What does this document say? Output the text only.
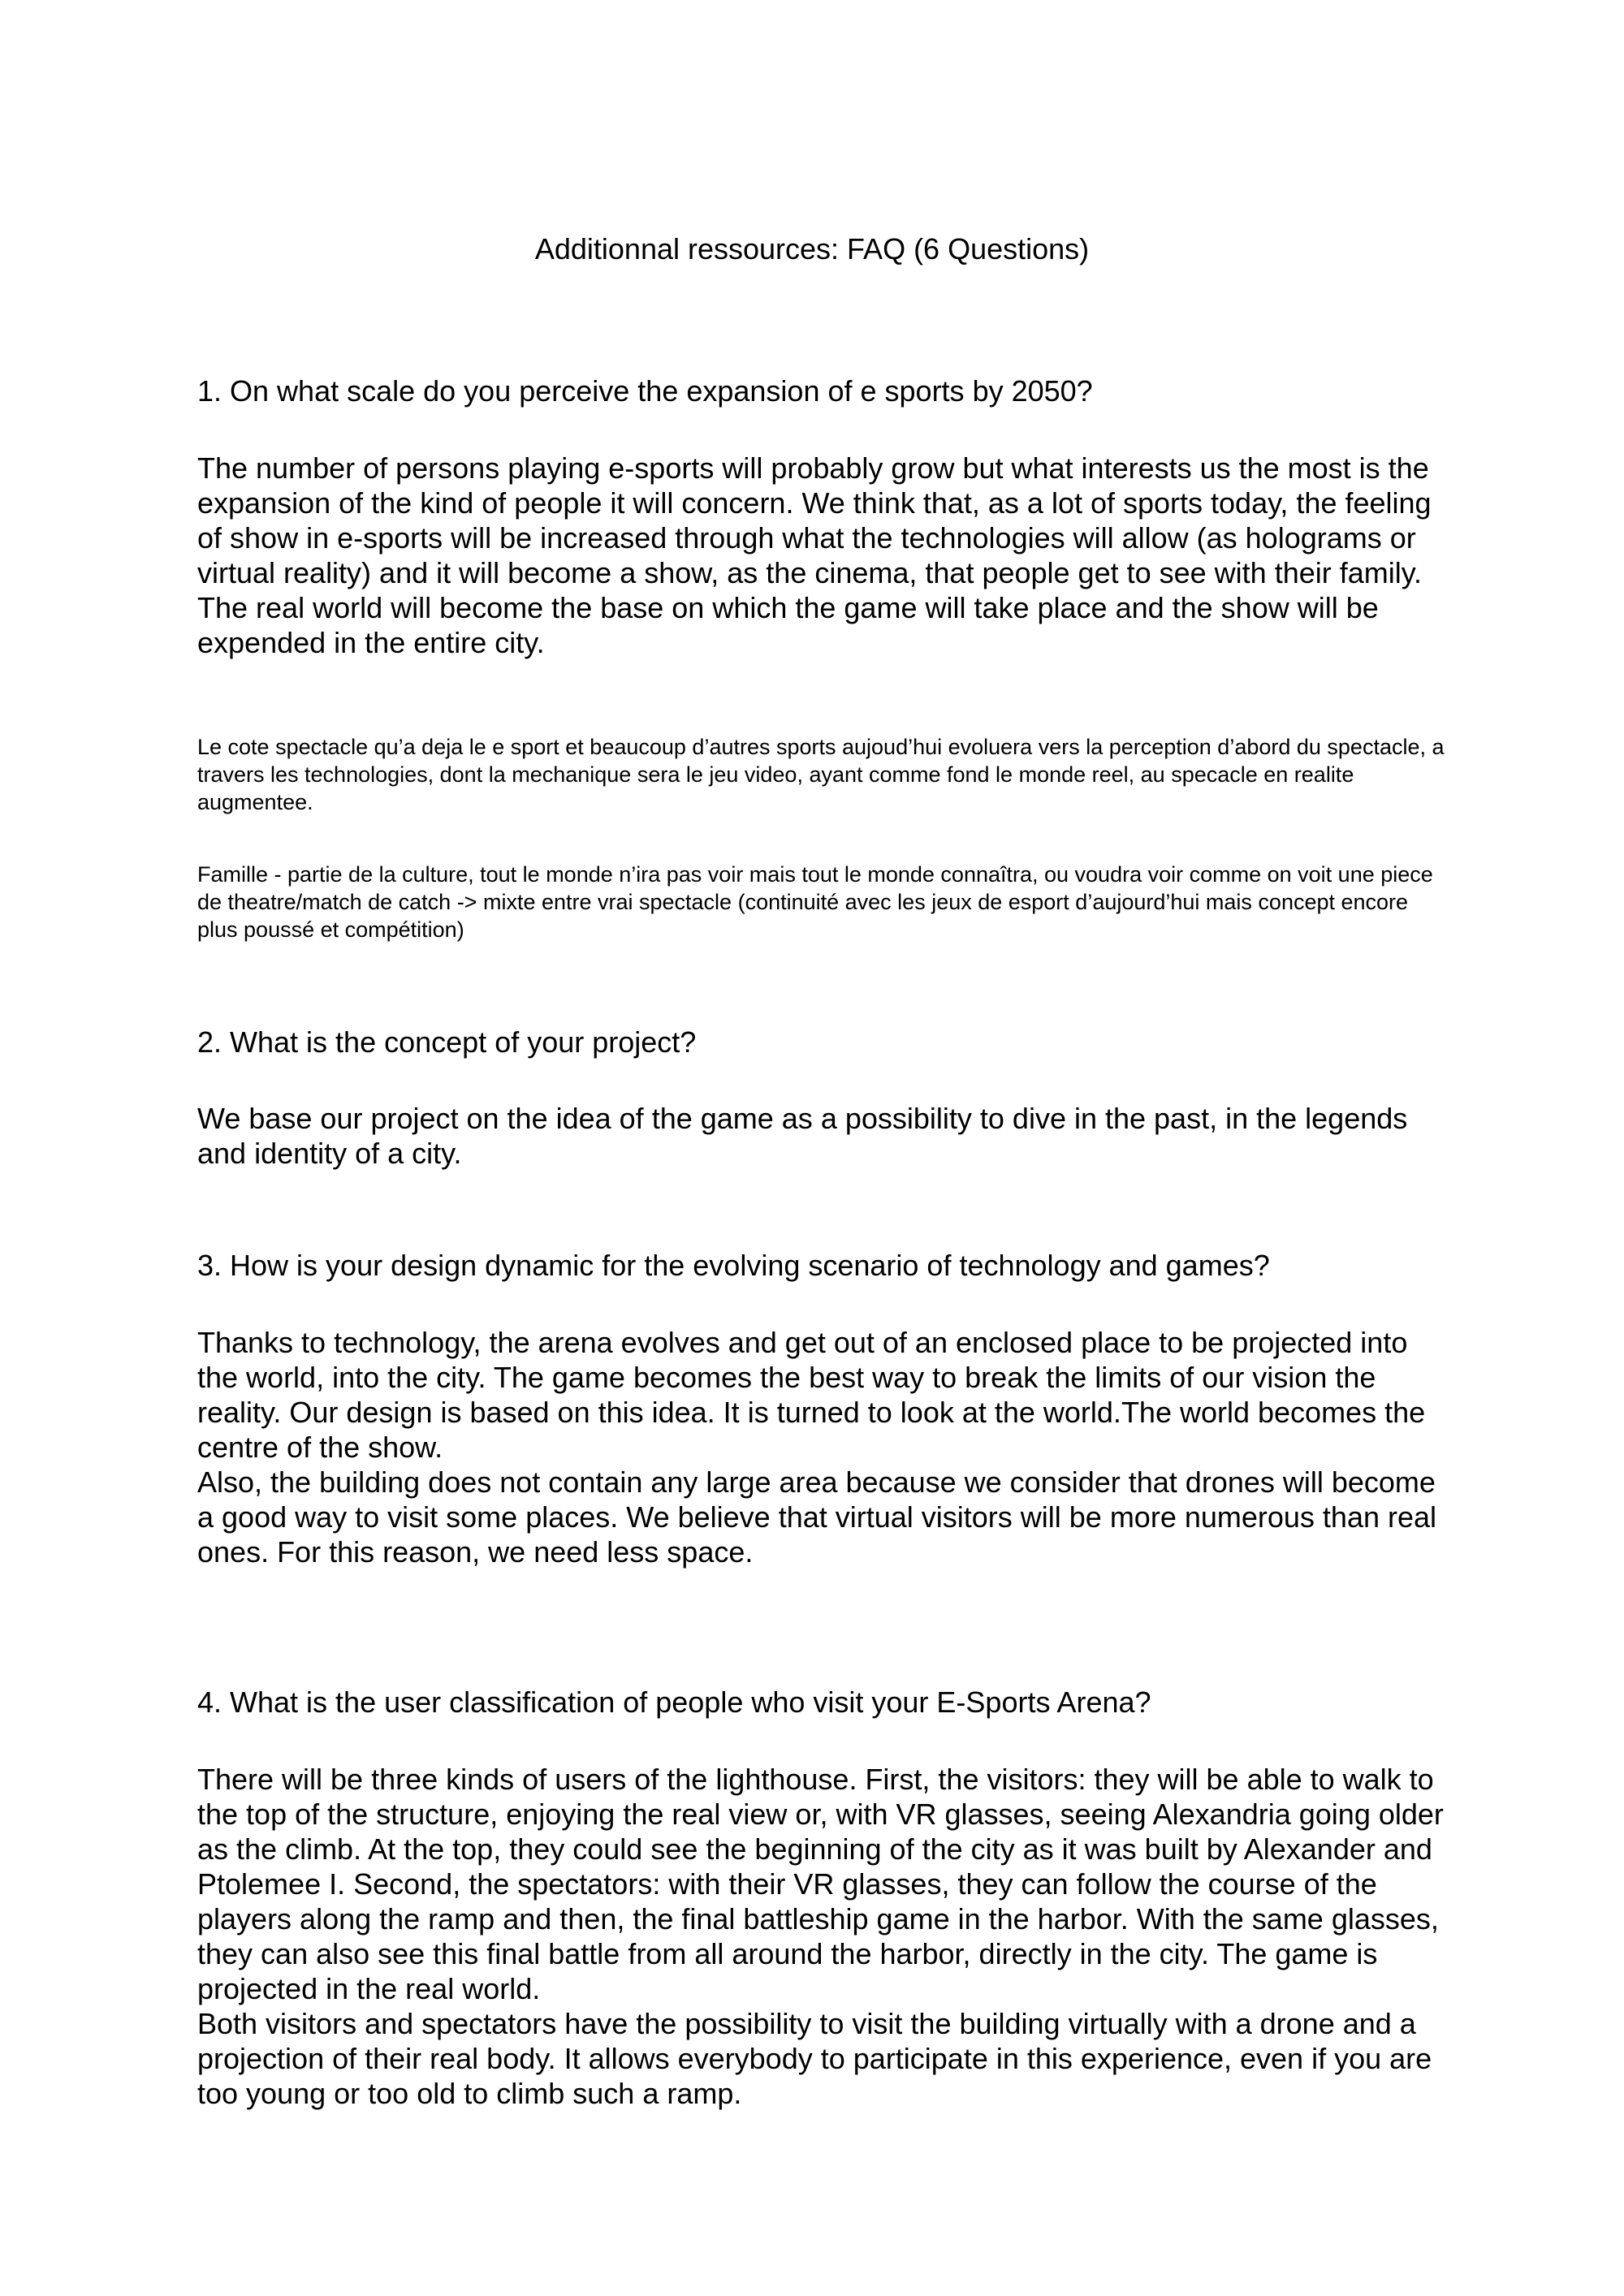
Additionnal ressources: FAQ (6 Questions)

1. On what scale do you perceive the expansion of e sports by 2050?

The number of persons playing e-sports will probably grow but what interests us the most is the expansion of the kind of people it will concern. We think that, as a lot of sports today, the feeling of show in e-sports will be increased through what the technologies will allow (as holograms or virtual reality) and it will become a show, as the cinema, that people get to see with their family. The real world will become the base on which the game will take place and the show will be expended in the entire city.

Le cote spectacle qu’a deja le e sport et beaucoup d’autres sports aujoud’hui evoluera vers la perception d’abord du spectacle, a travers les technologies, dont la mechanique sera le jeu video, ayant comme fond le monde reel, au specacle en realite augmentee.

Famille - partie de la culture, tout le monde n’ira pas voir mais tout le monde connaîtra, ou voudra voir comme on voit une piece de theatre/match de catch -> mixte entre vrai spectacle (continuité avec les jeux de esport d’aujourd’hui mais concept encore plus poussé et compétition)

2. What is the concept of your project?

We base our project on the idea of the game as a possibility to dive in the past, in the legends and identity of a city.

3. How is your design dynamic for the evolving scenario of technology and games?

Thanks to technology, the arena evolves and get out of an enclosed place to be projected into the world, into the city. The game becomes the best way to break the limits of our vision the reality. Our design is based on this idea. It is turned to look at the world.The world becomes the centre of the show.

Also, the building does not contain any large area because we consider that drones will become a good way to visit some places. We believe that virtual visitors will be more numerous than real ones. For this reason, we need less space.

4. What is the user classification of people who visit your E-Sports Arena?

There will be three kinds of users of the lighthouse. First, the visitors: they will be able to walk to the top of the structure, enjoying the real view or, with VR glasses, seeing Alexandria going older as the climb. At the top, they could see the beginning of the city as it was built by Alexander and Ptolemee I. Second, the spectators: with their VR glasses, they can follow the course of the players along the ramp and then, the final battleship game in the harbor. With the same glasses, they can also see this final battle from all around the harbor, directly in the city. The game is projected in the real world.

Both visitors and spectators have the possibility to visit the building virtually with a drone and a projection of their real body. It allows everybody to participate in this experience, even if you are too young or too old to climb such a ramp.
